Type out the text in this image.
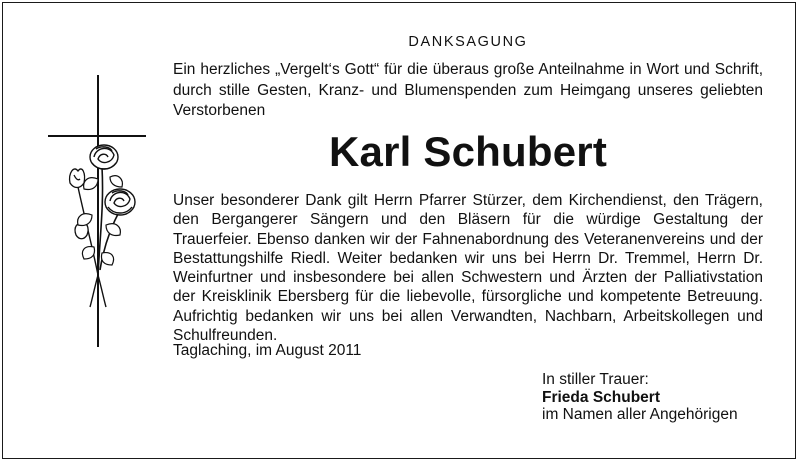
DANKSAGUNG
Ein herzliches „Vergelt‘s Gott“ für die überaus große Anteilnahme in Wort und Schrift, durch stille Gesten, Kranz- und Blumenspenden zum Heimgang unseres geliebten Verstorbenen
Karl Schubert
Unser besonderer Dank gilt Herrn Pfarrer Stürzer, dem Kirchendienst, den Trägern, den Bergangerer Sängern und den Bläsern für die würdige Gestaltung der Trauerfeier. Ebenso danken wir der Fahnenabordnung des Veteranenvereins und der Bestattungshilfe Riedl. Weiter bedanken wir uns bei Herrn Dr. Tremmel, Herrn Dr. Weinfurtner und insbesondere bei allen Schwestern und Ärzten der Palliativstation der Kreisklinik Ebersberg für die liebevolle, fürsorgliche und kompetente Betreuung. Aufrichtig bedanken wir uns bei allen Verwandten, Nachbarn, Arbeitskollegen und Schulfreunden.
Taglaching, im August 2011
In stiller Trauer:
Frieda Schubert
im Namen aller Angehörigen
